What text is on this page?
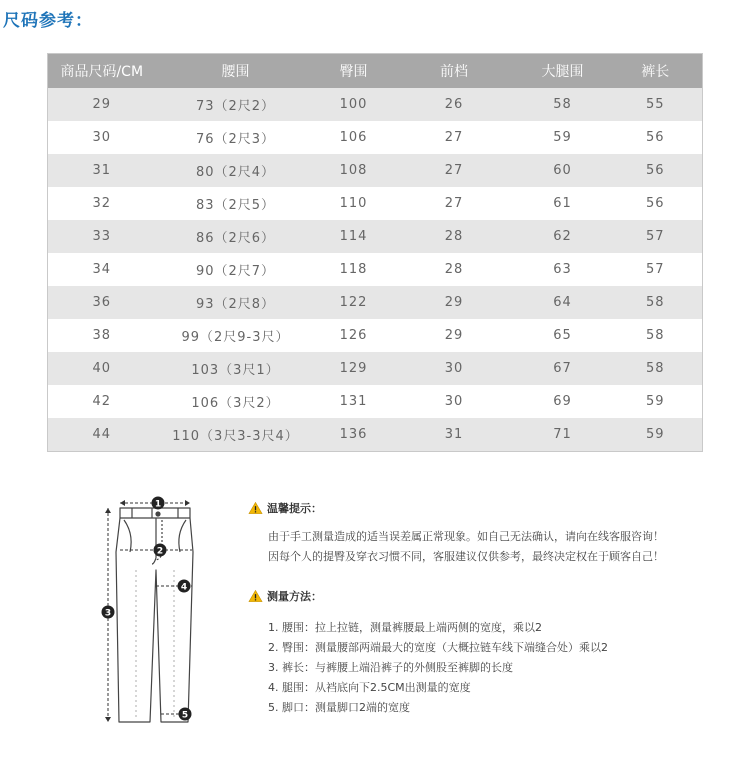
尺码参考：
商品尺码/CM	腰围	臀围	前档	大腿围	裤长
29	73（2尺2）	100	26	58	55
30	76（2尺3）	106	27	59	56
31	80（2尺4）	108	27	60	56
32	83（2尺5）	110	27	61	56
33	86（2尺6）	114	28	62	57
34	90（2尺7）	118	28	63	57
36	93（2尺8）	122	29	64	58
38	99（2尺9-3尺）	126	29	65	58
40	103（3尺1）	129	30	67	58
42	106（3尺2）	131	30	69	59
44	110（3尺3-3尺4）	136	31	71	59
1
2
3
4
5
温馨提示：
由于手工测量造成的适当误差属正常现象。如自己无法确认，请向在线客服咨询！
因每个人的提臀及穿衣习惯不同，客服建议仅供参考，最终决定权在于顾客自己！
测量方法：
1. 腰围：拉上拉链，测量裤腰最上端两侧的宽度，乘以2
2. 臀围：测量腰部两端最大的宽度（大概拉链车线下端缝合处）乘以2
3. 裤长：与裤腰上端沿裤子的外侧股至裤脚的长度
4. 腿围：从裆底向下2.5CM出测量的宽度
5. 脚口：测量脚口2端的宽度
